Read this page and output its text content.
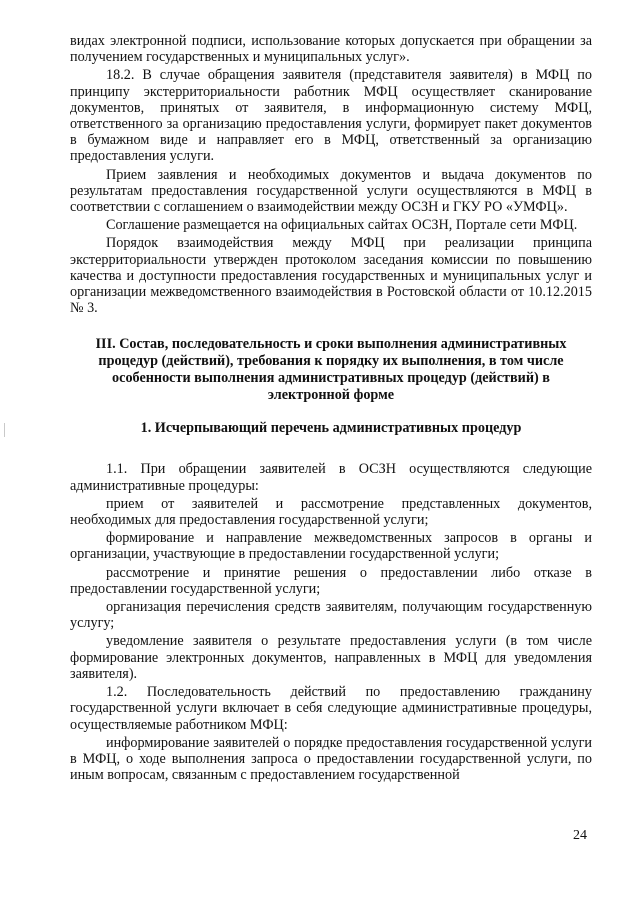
видах электронной подписи, использование которых допускается при обращении за получением государственных и муниципальных услуг».

18.2. В случае обращения заявителя (представителя заявителя) в МФЦ по принципу экстерриториальности работник МФЦ осуществляет сканирование документов, принятых от заявителя, в информационную систему МФЦ, ответственного за организацию предоставления услуги, формирует пакет документов в бумажном виде и направляет его в МФЦ, ответственный за организацию предоставления услуги.

Прием заявления и необходимых документов и выдача документов по результатам предоставления государственной услуги осуществляются в МФЦ в соответствии с соглашением о взаимодействии между ОСЗН и ГКУ РО «УМФЦ».

Соглашение размещается на официальных сайтах ОСЗН, Портале сети МФЦ.

Порядок взаимодействия между МФЦ при реализации принципа экстерриториальности утвержден протоколом заседания комиссии по повышению качества и доступности предоставления государственных и муниципальных услуг и организации межведомственного взаимодействия в Ростовской области от 10.12.2015 № 3.

III. Состав, последовательность и сроки выполнения административных процедур (действий), требования к порядку их выполнения, в том числе особенности выполнения административных процедур (действий) в электронной форме
1. Исчерпывающий перечень административных процедур

1.1. При обращении заявителей в ОСЗН осуществляются следующие административные процедуры:

прием от заявителей и рассмотрение представленных документов, необходимых для предоставления государственной услуги;

формирование и направление межведомственных запросов в органы и организации, участвующие в предоставлении государственной услуги;

рассмотрение и принятие решения о предоставлении либо отказе в предоставлении государственной услуги;

организация перечисления средств заявителям, получающим государственную услугу;

уведомление заявителя о результате предоставления услуги (в том числе формирование электронных документов, направленных в МФЦ для уведомления заявителя).

1.2. Последовательность действий по предоставлению гражданину государственной услуги включает в себя следующие административные процедуры, осуществляемые работником МФЦ:

информирование заявителей о порядке предоставления государственной услуги в МФЦ, о ходе выполнения запроса о предоставлении государственной услуги, по иным вопросам, связанным с предоставлением государственной

24
